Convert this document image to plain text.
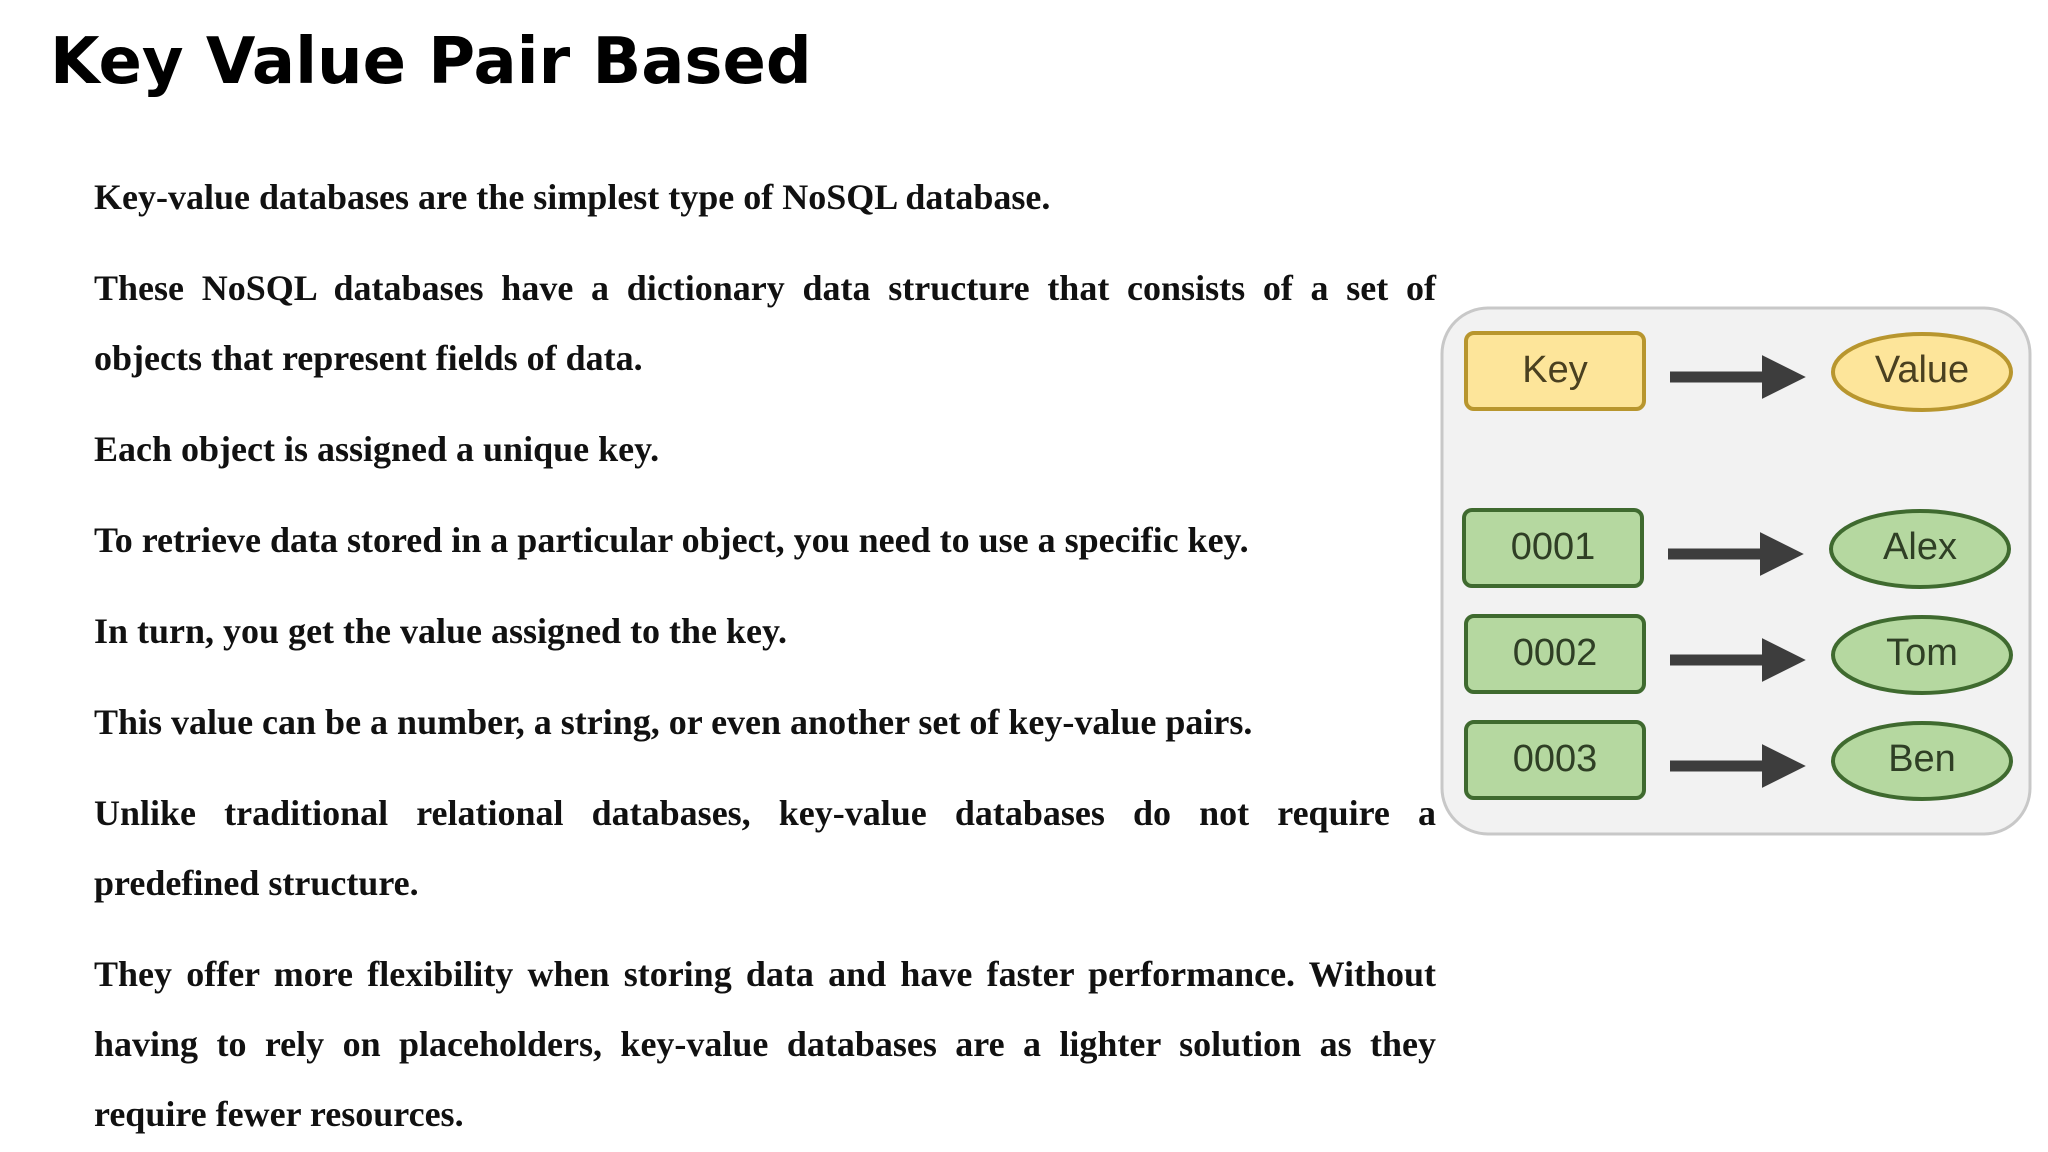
Key Value Pair Based

Key-value databases are the simplest type of NoSQL database.

These NoSQL databases have a dictionary data structure that consists of a set of objects that represent fields of data.

Each object is assigned a unique key.

To retrieve data stored in a particular object, you need to use a specific key.

In turn, you get the value assigned to the key.

This value can be a number, a string, or even another set of key-value pairs.

Unlike traditional relational databases, key-value databases do not require a predefined structure.

They offer more flexibility when storing data and have faster performance. Without having to rely on placeholders, key-value databases are a lighter solution as they require fewer resources.

Key	Value
0001	Alex
0002	Tom
0003	Ben
